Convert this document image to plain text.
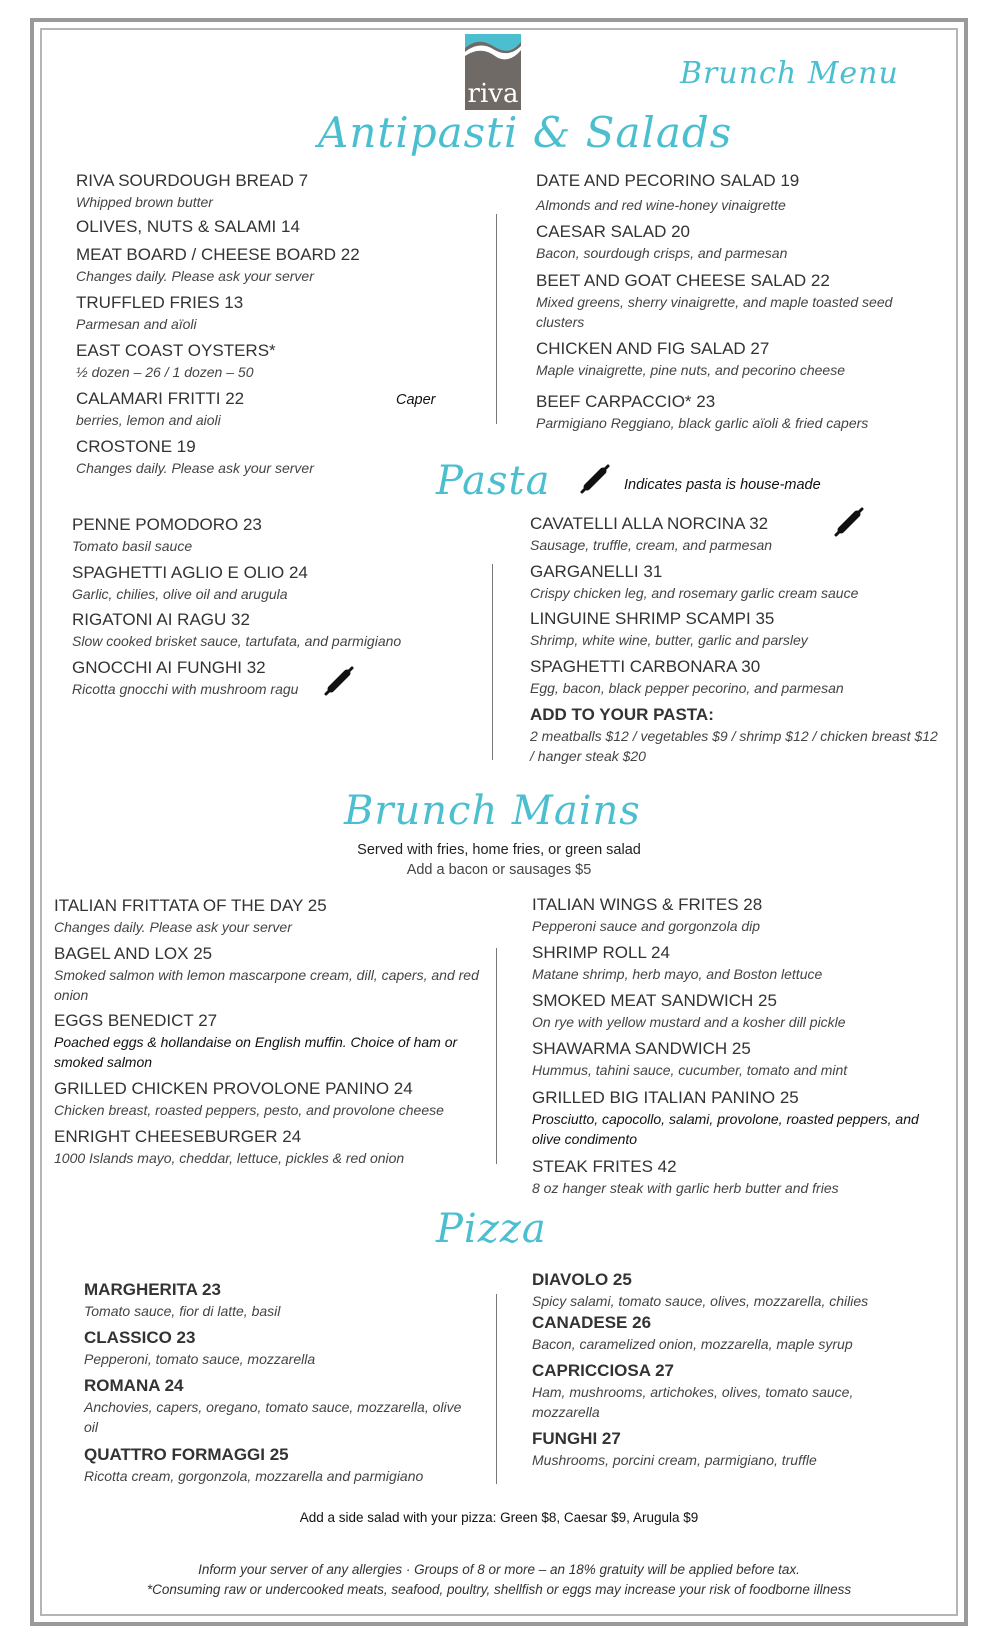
riva
Brunch Menu
Antipasti & Salads
RIVA SOURDOUGH BREAD 7
Whipped brown butter
OLIVES, NUTS & SALAMI 14
MEAT BOARD / CHEESE BOARD 22
Changes daily. Please ask your server
TRUFFLED FRIES 13
Parmesan and aïoli
EAST COAST OYSTERS*
½ dozen – 26 / 1 dozen – 50
CALAMARI FRITTI 22
berries, lemon and aioli
Caper
CROSTONE 19
Changes daily. Please ask your server
DATE AND PECORINO SALAD 19
Almonds and red wine-honey vinaigrette
CAESAR SALAD 20
Bacon, sourdough crisps, and parmesan
BEET AND GOAT CHEESE SALAD 22
Mixed greens, sherry vinaigrette, and maple toasted seed clusters
CHICKEN AND FIG SALAD 27
Maple vinaigrette, pine nuts, and pecorino cheese
BEEF CARPACCIO* 23
Parmigiano Reggiano, black garlic aïoli & fried capers
Pasta	Indicates pasta is house-made
PENNE POMODORO 23
Tomato basil sauce
SPAGHETTI AGLIO E OLIO 24
Garlic, chilies, olive oil and arugula
RIGATONI AI RAGU 32
Slow cooked brisket sauce, tartufata, and parmigiano
GNOCCHI AI FUNGHI 32
Ricotta gnocchi with mushroom ragu
CAVATELLI ALLA NORCINA 32
Sausage, truffle, cream, and parmesan
GARGANELLI 31
Crispy chicken leg, and rosemary garlic cream sauce
LINGUINE SHRIMP SCAMPI 35
Shrimp, white wine, butter, garlic and parsley
SPAGHETTI CARBONARA 30
Egg, bacon, black pepper pecorino, and parmesan
ADD TO YOUR PASTA:
2 meatballs $12 / vegetables $9 / shrimp $12 / chicken breast $12 / hanger steak $20
Brunch Mains
Served with fries, home fries, or green salad
Add a bacon or sausages $5
ITALIAN FRITTATA OF THE DAY 25
Changes daily. Please ask your server
BAGEL AND LOX 25
Smoked salmon with lemon mascarpone cream, dill, capers, and red onion
EGGS BENEDICT 27
Poached eggs & hollandaise on English muffin. Choice of ham or smoked salmon
GRILLED CHICKEN PROVOLONE PANINO 24
Chicken breast, roasted peppers, pesto, and provolone cheese
ENRIGHT CHEESEBURGER 24
1000 Islands mayo, cheddar, lettuce, pickles & red onion
ITALIAN WINGS & FRITES 28
Pepperoni sauce and gorgonzola dip
SHRIMP ROLL 24
Matane shrimp, herb mayo, and Boston lettuce
SMOKED MEAT SANDWICH 25
On rye with yellow mustard and a kosher dill pickle
SHAWARMA SANDWICH 25
Hummus, tahini sauce, cucumber, tomato and mint
GRILLED BIG ITALIAN PANINO 25
Prosciutto, capocollo, salami, provolone, roasted peppers, and olive condimento
STEAK FRITES 42
8 oz hanger steak with garlic herb butter and fries
Pizza
MARGHERITA 23
Tomato sauce, fior di latte, basil
CLASSICO 23
Pepperoni, tomato sauce, mozzarella
ROMANA 24
Anchovies, capers, oregano, tomato sauce, mozzarella, olive oil
QUATTRO FORMAGGI 25
Ricotta cream, gorgonzola, mozzarella and parmigiano
DIAVOLO 25
Spicy salami, tomato sauce, olives, mozzarella, chilies
CANADESE 26
Bacon, caramelized onion, mozzarella, maple syrup
CAPRICCIOSA 27
Ham, mushrooms, artichokes, olives, tomato sauce, mozzarella
FUNGHI 27
Mushrooms, porcini cream, parmigiano, truffle
Add a side salad with your pizza: Green $8, Caesar $9, Arugula $9
Inform your server of any allergies · Groups of 8 or more – an 18% gratuity will be applied before tax.
*Consuming raw or undercooked meats, seafood, poultry, shellfish or eggs may increase your risk of foodborne illness
